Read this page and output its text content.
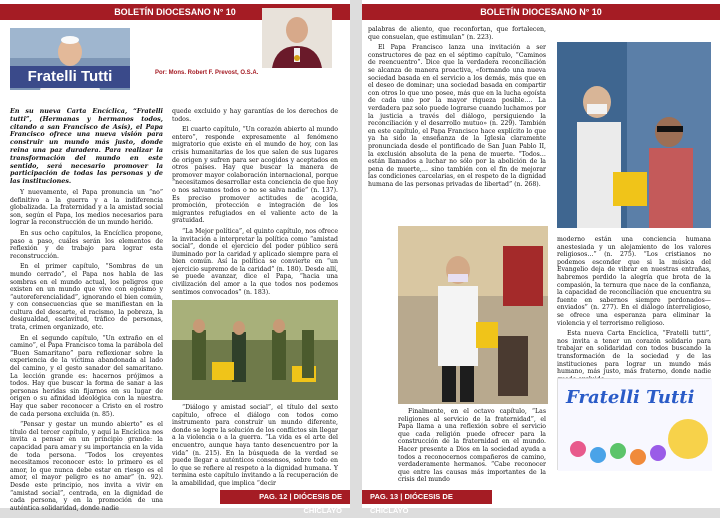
BOLETÍN DIOCESANO N° 10
Fratelli Tutti	Por: Mons. Robert F. Prevost, O.S.A.

En su nueva Carta Encíclica, “Fratelli tutti”, (Hermanas y hermanos todos, citando a san Francisco de Asís), el Papa Francisco ofrece una nueva visión para construir un mundo más justo, donde reina una paz duradera. Para realizar la transformación del mundo en este sentido, será necesario promover la participación de todas las personas y de las instituciones.

Y nuevamente, el Papa pronuncia un “no” definitivo a la guerra y a la indiferencia globalizada. La fraternidad y a la amistad social son, según el Papa, los medios necesarios para lograr la reconstrucción de un mundo herido.

En sus ocho capítulos, la Encíclica propone, paso a paso, cuáles serán los elementos de reflexión y de trabajo para lograr esta reconstrucción.

En el primer capítulo, “Sombras de un mundo cerrado”, el Papa nos habla de las sombras en el mundo actual, los peligros que existen en un mundo que vive con egoísmo y “autoreferencialidad”, ignorando el bien común, y con consecuencias que se manifiestan en la cultura del descarte, el racismo, la pobreza, la desigualdad, esclavitud, tráfico de personas, trata, crimen organizado, etc.

En el segundo capítulo, “Un extraño en el camino”, el Papa Francisco toma la parábola del “Buen Samaritano” para reflexionar sobre la experiencia de la víctima abandonada al lado del camino, y el gesto sanador del samaritano. La lección grande es: hacernos prójimos a todos. Hay que buscar la forma de sanar a las personas heridas sin fijarnos en su lugar de origen o su afinidad ideológica con la nuestra. Hay que saber reconocer a Cristo en el rostro de cada persona excluida (n. 85).

“Pensar y gestar un mundo abierto” es el título del tercer capítulo, y aquí la Encíclica nos invita a pensar en un principio grande: la capacidad para amar y su importancia en la vida de toda persona. “Todos los creyentes necesitamos reconocer esto: lo primero es el amor, lo que nunca debe estar en riesgo es el amor, el mayor peligro es no amar” (n. 92). Desde este principio, nos invita a vivir en “amistad social”, centrada, en la dignidad de cada persona, y en la promoción de una auténtica solidaridad, donde nadie

quede excluido y hay garantías de los derechos de todos.

El cuarto capítulo, “Un corazón abierto al mundo entero”, responde expresamente al fenómeno migratorio que existe en el mundo de hoy, con las crisis humanitarias de los que salen de sus lugares de origen y sufren para ser acogidos y aceptados en otros países. Hay que buscar la manera de promover mayor colaboración internacional, porque “necesitamos desarrollar esta conciencia de que hoy o nos salvamos todos o no se salva nadie” (n. 137). Es preciso promover actitudes de acogida, promoción, protección e integración de los migrantes refugiados en el valiente acto de la gratuidad.

“La Mejor política”, el quinto capítulo, nos ofrece la invitación a interpretar la política como “amistad social”, donde el ejercicio del poder público será iluminado por la caridad y aplicado siempre para el bien común. Así la política se convierte en “un ejercicio supremo de la caridad” (n. 180). Desde allí, se puede avanzar, dice el Papa, “hacia una civilización del amor a la que todos nos podemos sentimos convocados” (n. 183).

“Diálogo y amistad social”, el título del sexto capítulo, ofrece el diálogo con todos como instrumento para construir un mundo diferente, donde se logre la solución de los conflictos sin llegar a la violencia o a la guerra. “La vida es el arte del encuentro, aunque haya tanto desencuentro por la vida” (n. 215). En la búsqueda de la verdad se puede llegar a auténticos consensos, sobre todo en lo que se refiere al respeto a la dignidad humana. Y termina este capítulo invitando a la recuperación de la amabilidad, que implica “decir

PAG. 12 | DIÓCESIS DE CHICLAYO
BOLETÍN DIOCESANO N° 10

palabras de aliento, que reconfortan, que fortalecen, que consuelan, que estimulan” (n. 223).

El Papa Francisco lanza una invitación a ser constructores de paz en el séptimo capítulo, “Caminos de reencuentro”. Dice que la verdadera reconciliación se alcanza de manera proactiva, «formando una nueva sociedad basada en el servicio a los demás, más que en el deseo de dominar; una sociedad basada en compartir con otros lo que uno posee, más que en la lucha egoísta de cada uno por la mayor riqueza posible…. La verdadera paz solo puede lograrse cuando luchamos por la justicia a través del diálogo, persiguiendo la reconciliación y el desarrollo mutuo» (n. 229). También en este capítulo, el Papa Francisco hace explícito lo que ya ha sido la enseñanza de la Iglesia claramente pronunciada desde el pontificado de San Juan Pablo II, la exclusión absoluta de la pena de muerte. “Todos… están llamados a luchar no sólo por la abolición de la pena de muerte,… sino también con el fin de mejorar las condiciones carcelarias, en el respeto de la dignidad humana de las personas privadas de libertad” (n. 268).

Finalmente, en el octavo capítulo, “Las religiones al servicio de la fraternidad”, el Papa llama a una reflexión sobre el servicio que cada religión puede ofrecer para la construcción de la fraternidad en el mundo. Hacer presente a Dios en la sociedad ayuda a todos a reconocernos compañeros de camino, verdaderamente hermanos. “Cabe reconocer que entre las causas más importantes de la crisis del mundo

moderno están una conciencia humana anestesiada y un alejamiento de los valores religiosos…” (n. 275). “Los cristianos no podemos esconder que si la música del Evangelio deja de vibrar en nuestras entrañas, habremos perdido la alegría que brota de la compasión, la ternura que nace de la confianza, la capacidad de reconciliación que encuentra su fuente en sabernos siempre perdonados—enviados” (n. 277). En el diálogo interreligioso, se ofrece una esperanza para eliminar la violencia y el terrorismo religioso.

Esta nueva Carta Encíclica, “Fratelli tutti”, nos invita a tener un corazón solidario para trabajar en solidaridad con todos buscando la transformación de la sociedad y de las instituciones para lograr un mundo más humano, más justo, más fraterno, donde nadie

Fratelli Tutti
PAG. 13 | DIÓCESIS DE CHICLAYO
